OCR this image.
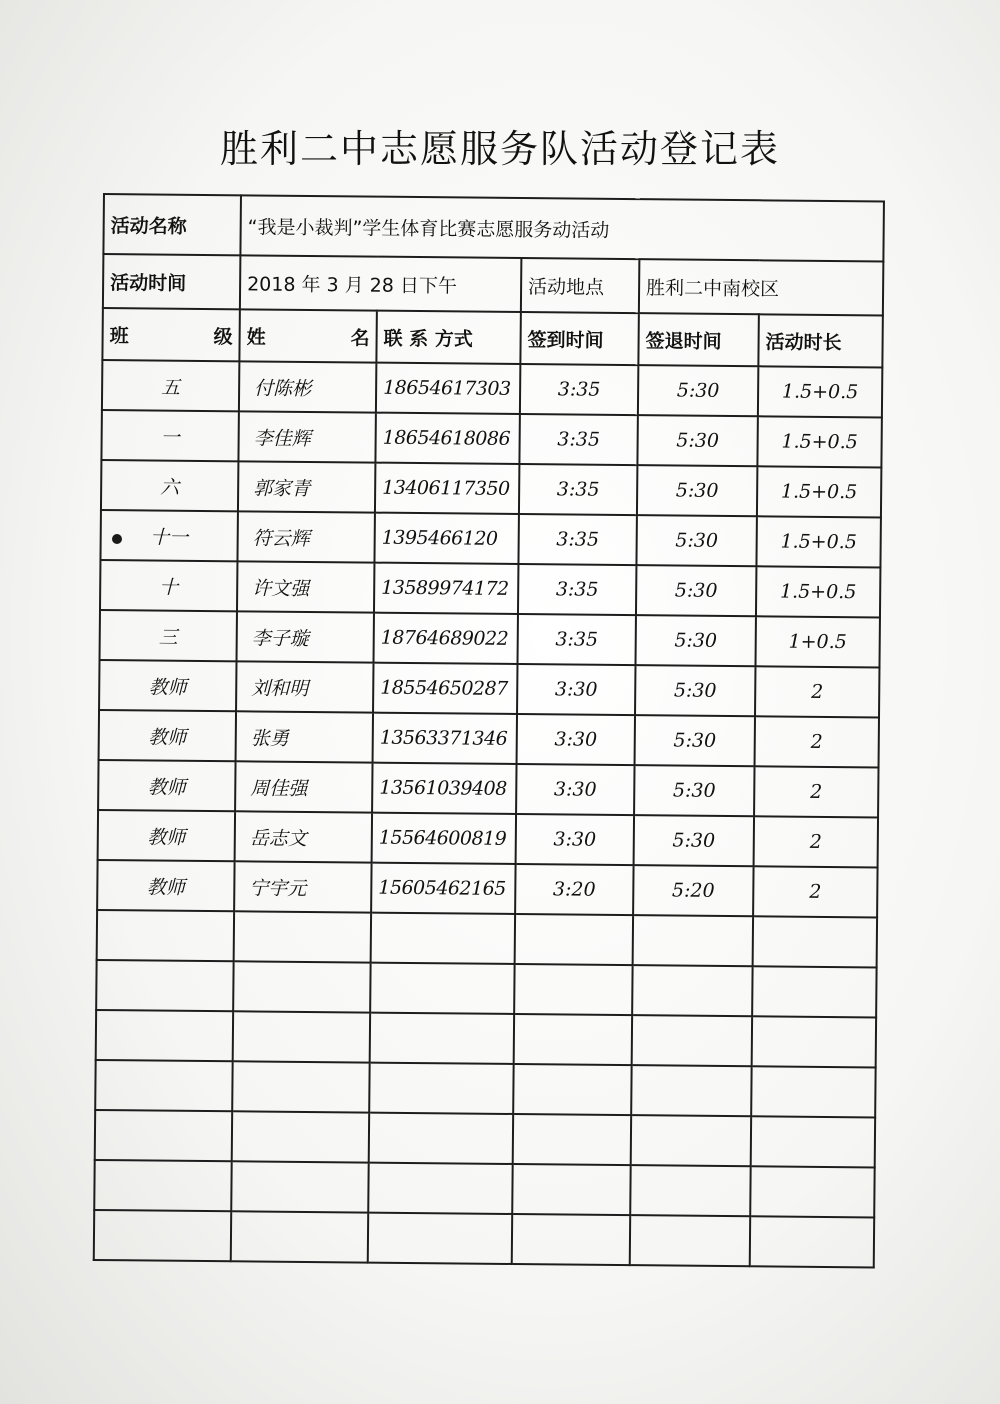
胜利二中志愿服务队活动登记表
活动名称	“我是小裁判”学生体育比赛志愿服务动活动				
活动时间	2018 年 3 月 28 日下午		活动地点	胜利二中南校区	

班 级	姓 名	联 系 方式	签到时间	签退时间	活动时长
五	付陈彬	18654617303	3:35	5:30	1.5+0.5
一	李佳辉	18654618086	3:35	5:30	1.5+0.5
六	郭家青	13406117350	3:35	5:30	1.5+0.5
十一	符云辉	1395466120	3:35	5:30	1.5+0.5
十	许文强	13589974172	3:35	5:30	1.5+0.5
三	李子璇	18764689022	3:35	5:30	1+0.5
教师	刘和明	18554650287	3:30	5:30	2
教师	张勇	13563371346	3:30	5:30	2
教师	周佳强	13561039408	3:30	5:30	2
教师	岳志文	15564600819	3:30	5:30	2
教师	宁宇元	15605462165	3:20	5:20	2
